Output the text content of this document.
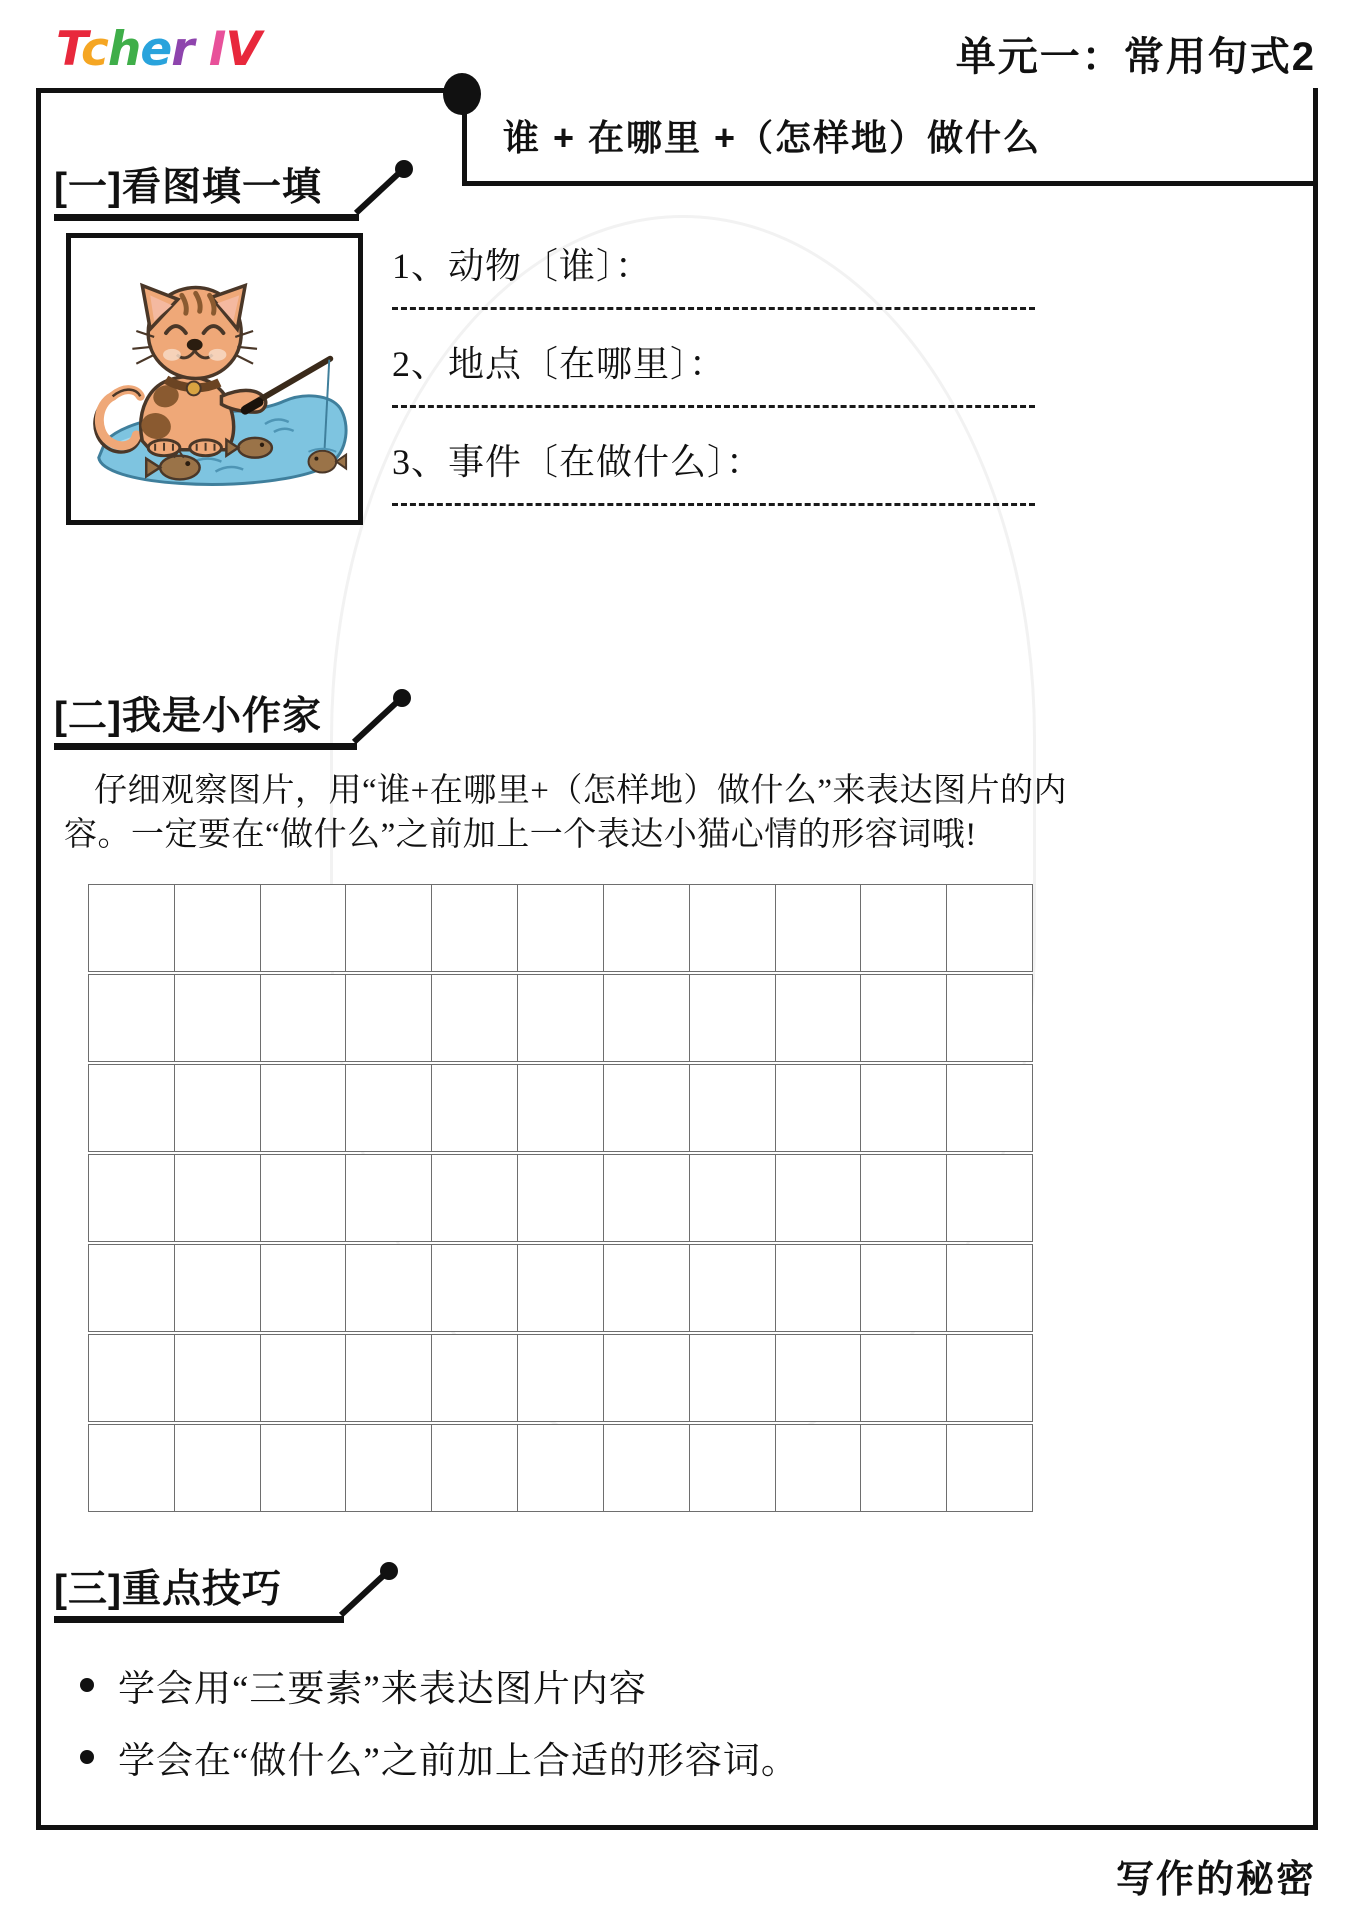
Tcher IV	单元一：常用句式2
谁 + 在哪里 +（怎样地）做什么
[一]看图填一填
1、动物〔谁〕：
2、地点〔在哪里〕：
3、事件〔在做什么〕：
[二]我是小作家
仔细观察图片，用“谁+在哪里+（怎样地）做什么”来表达图片的内
容。一定要在“做什么”之前加上一个表达小猫心情的形容词哦!
[三]重点技巧
学会用“三要素”来表达图片内容
学会在“做什么”之前加上合适的形容词。
写作的秘密
